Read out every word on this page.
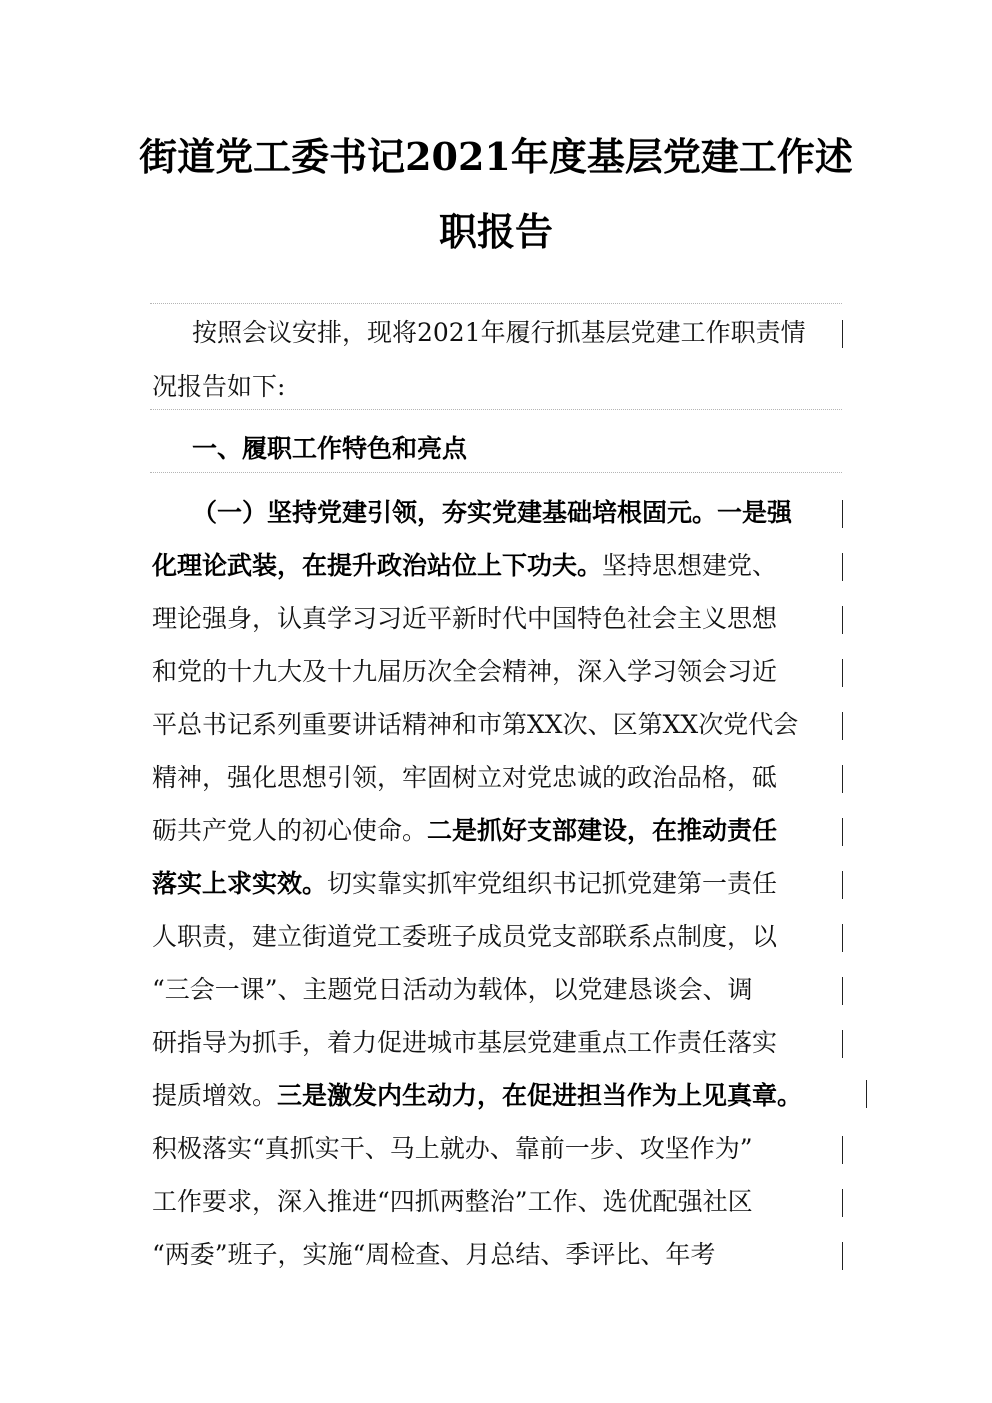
街道党工委书记2021年度基层党建工作述
职报告
按照会议安排，现将2021年履行抓基层党建工作职责情
况报告如下:
一、履职工作特色和亮点
（一）坚持党建引领，夯实党建基础培根固元。一是强
化理论武装，在提升政治站位上下功夫。坚持思想建党、
理论强身，认真学习习近平新时代中国特色社会主义思想
和党的十九大及十九届历次全会精神，深入学习领会习近
平总书记系列重要讲话精神和市第XX次、区第XX次党代会
精神，强化思想引领，牢固树立对党忠诚的政治品格，砥
砺共产党人的初心使命。二是抓好支部建设，在推动责任
落实上求实效。切实靠实抓牢党组织书记抓党建第一责任
人职责，建立街道党工委班子成员党支部联系点制度，以
“三会一课”、主题党日活动为载体，以党建恳谈会、调
研指导为抓手，着力促进城市基层党建重点工作责任落实
提质增效。三是激发内生动力，在促进担当作为上见真章。
积极落实“真抓实干、马上就办、靠前一步、攻坚作为”
工作要求，深入推进“四抓两整治”工作、选优配强社区
“两委”班子，实施“周检查、月总结、季评比、年考
